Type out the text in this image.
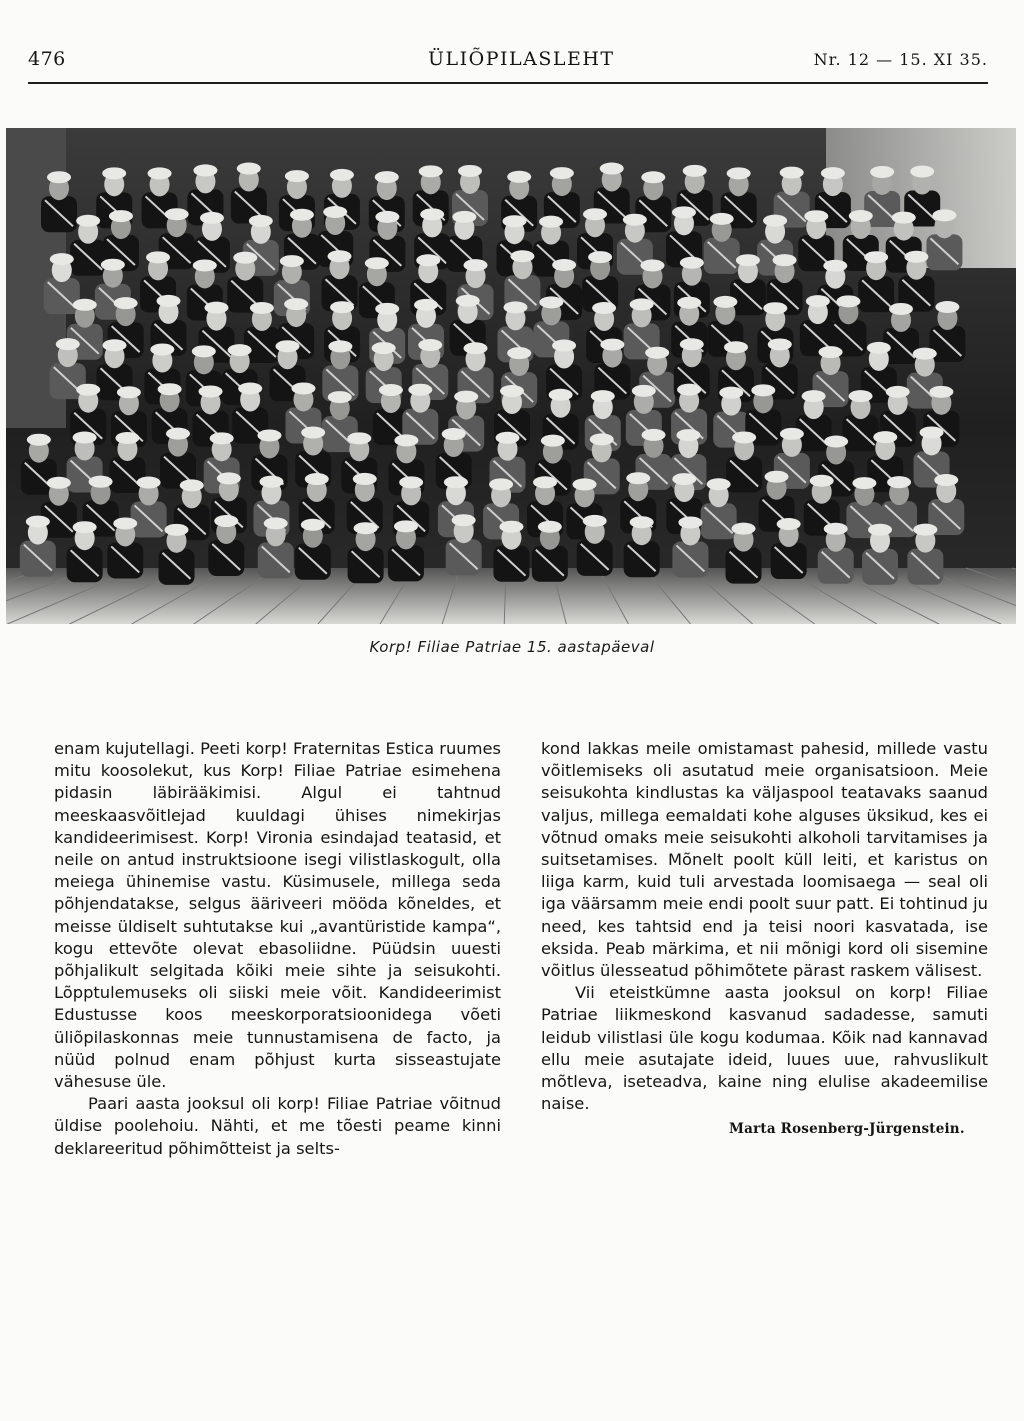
476	ÜLIÕPILASLEHT	Nr. 12 — 15. XI 35.
Korp! Filiae Patriae 15. aastapäeval

enam kujutellagi. Peeti korp! Fraternitas Estica ruumes mitu koosolekut, kus Korp! Filiae Patriae esimehena pidasin läbirääkimisi. Algul ei tahtnud meeskaasvõitlejad kuuldagi ühises nimekirjas kandideerimisest. Korp! Vironia esindajad teatasid, et neile on antud instruktsioone isegi vilistlaskogult, olla meiega ühinemise vastu. Küsimusele, millega seda põhjendatakse, selgus ääriveeri mööda kõneldes, et meisse üldiselt suhtutakse kui „avantüristide kampa“, kogu ettevõte olevat ebasoliidne. Püüdsin uuesti põhjalikult selgitada kõiki meie sihte ja seisukohti. Lõpptulemuseks oli siiski meie võit. Kandideerimist Edustusse koos meeskorporatsioonidega võeti üliõpilaskonnas meie tunnustamisena de facto, ja nüüd polnud enam põhjust kurta sisseastujate vähesuse üle.

Paari aasta jooksul oli korp! Filiae Patriae võitnud üldise poolehoiu. Nähti, et me tõesti peame kinni deklareeritud põhimõtteist ja selts-

kond lakkas meile omistamast pahesid, millede vastu võitlemiseks oli asutatud meie organisatsioon. Meie seisukohta kindlustas ka väljaspool teatavaks saanud valjus, millega eemaldati kohe alguses üksikud, kes ei võtnud omaks meie seisukohti alkoholi tarvitamises ja suitsetamises. Mõnelt poolt küll leiti, et karistus on liiga karm, kuid tuli arvestada loomisaega — seal oli iga väärsamm meie endi poolt suur patt. Ei tohtinud ju need, kes tahtsid end ja teisi noori kasvatada, ise eksida. Peab märkima, et nii mõnigi kord oli sisemine võitlus ülesseatud põhimõtete pärast raskem välisest.

Vii eteistkümne aasta jooksul on korp! Filiae Patriae liikmeskond kasvanud sadadesse, samuti leidub vilistlasi üle kogu kodumaa. Kõik nad kannavad ellu meie asutajate ideid, luues uue, rahvuslikult mõtleva, iseteadva, kaine ning elulise akadeemilise naise.

Marta Rosenberg-Jürgenstein.
